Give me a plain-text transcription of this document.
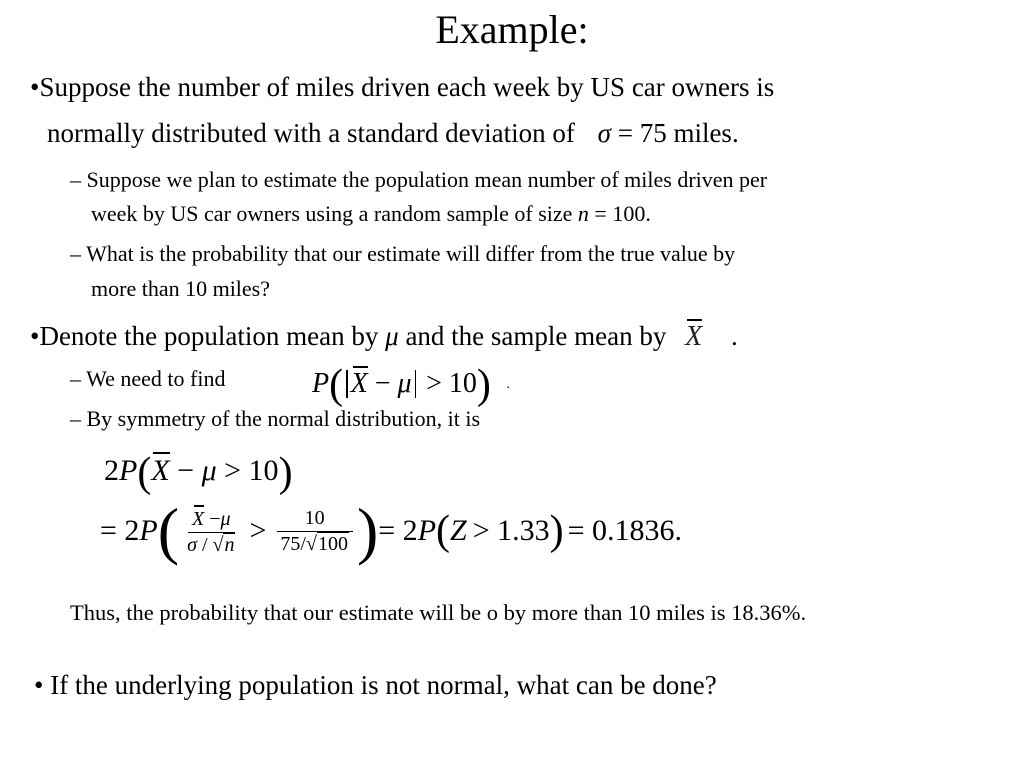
Example:
•Suppose the number of miles driven each week by US car owners is
normally distributed with a standard deviation of σ = 75 miles.
– Suppose we plan to estimate the population mean number of miles driven per
week by US car owners using a random sample of size n = 100.
– What is the probability that our estimate will differ from the true value by
more than 10 miles?
•Denote the population mean by μ and the sample mean by X .
– We need to find	P( X − μ > 10) ·
– By symmetry of the normal distribution, it is
2P(X − μ > 10)
= 2 P ( $\frac{X -\mu}{\sigma / √n} > \frac{10}{75/√100}$ ) = 2 P ( Z > 1.33 ) = 0.1836.
Thus, the probability that our estimate will be o by more than 10 miles is 18.36%.
• If the underlying population is not normal, what can be done?
